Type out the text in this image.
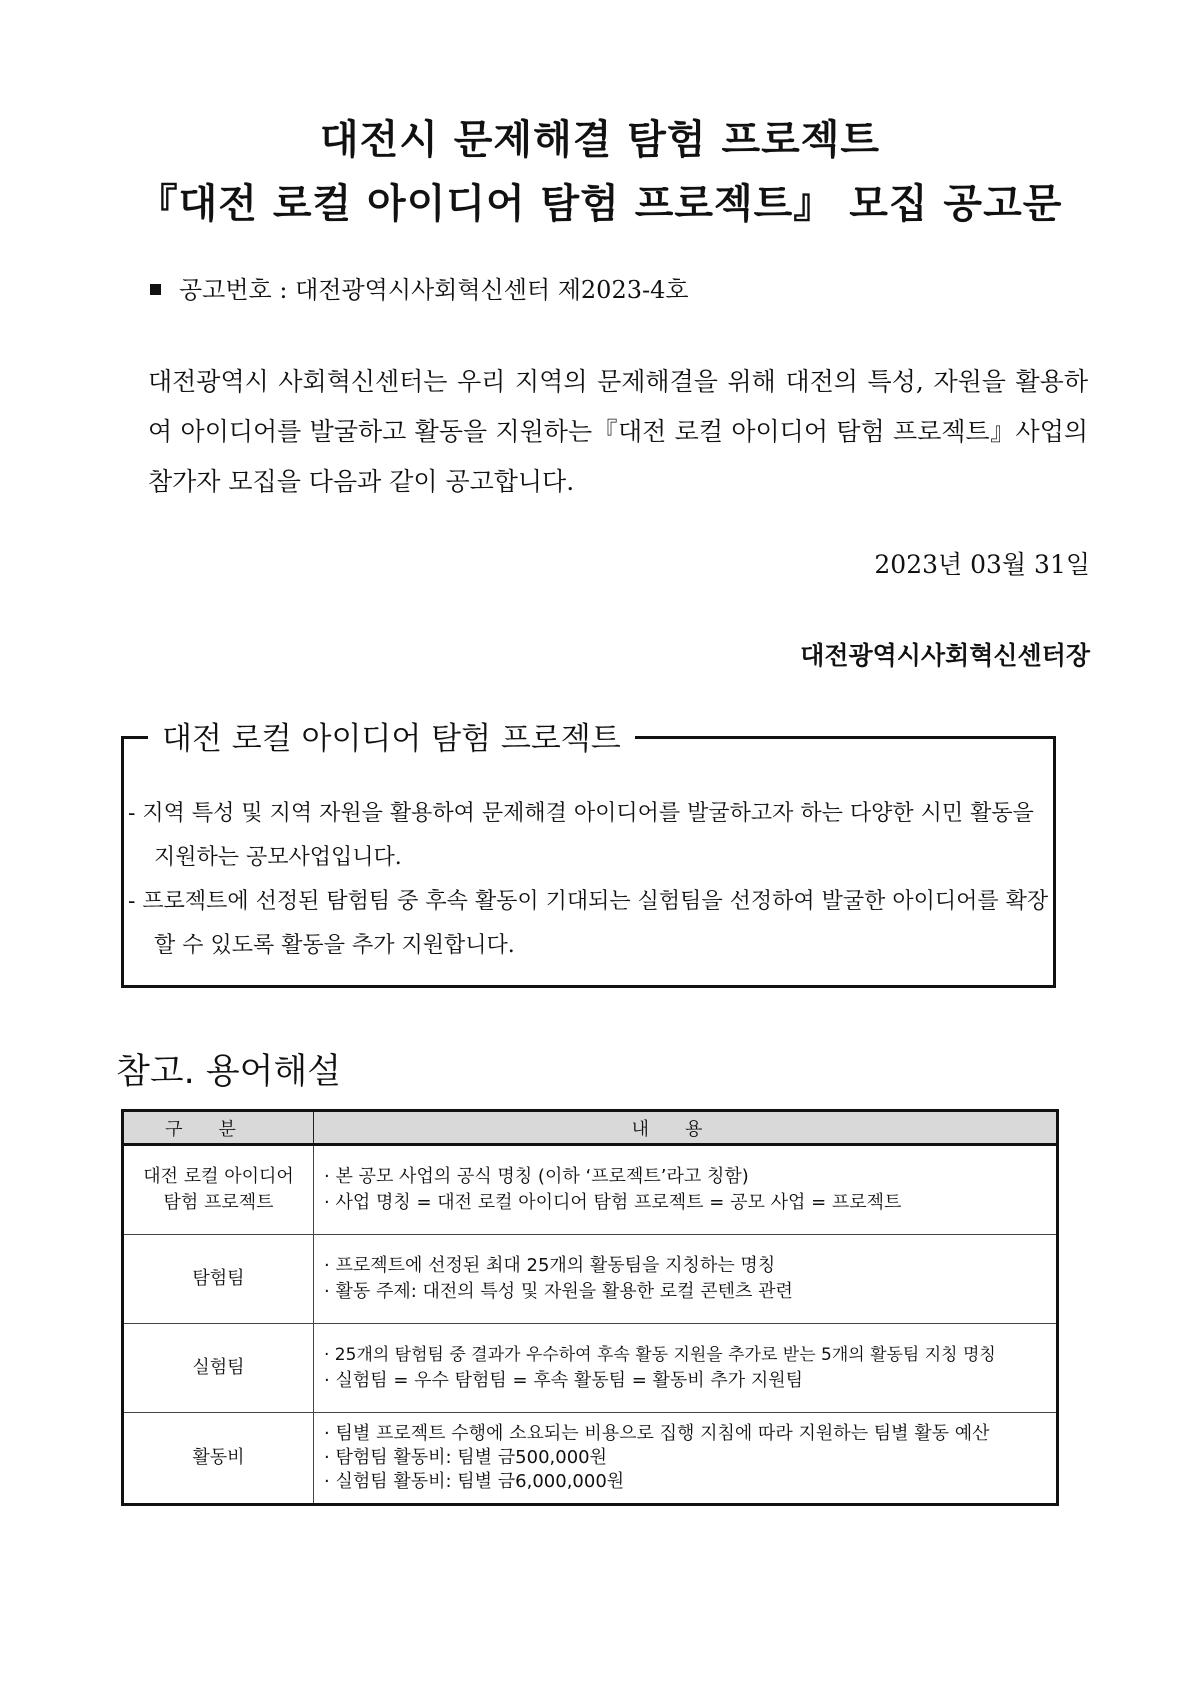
대전시 문제해결 탐험 프로젝트
『대전 로컬 아이디어 탐험 프로젝트』 모집 공고문
공고번호 : 대전광역시사회혁신센터 제2023-4호

대전광역시 사회혁신센터는 우리 지역의 문제해결을 위해 대전의 특성, 자원을 활용하여 아이디어를 발굴하고 활동을 지원하는『대전 로컬 아이디어 탐험 프로젝트』사업의 참가자 모집을 다음과 같이 공고합니다.

2023년 03월 31일
대전광역시사회혁신센터장
대전 로컬 아이디어 탐험 프로젝트
- 지역 특성 및 지역 자원을 활용하여 문제해결 아이디어를 발굴하고자 하는 다양한 시민 활동을 지원하는 공모사업입니다.
- 프로젝트에 선정된 탐험팀 중 후속 활동이 기대되는 실험팀을 선정하여 발굴한 아이디어를 확장할 수 있도록 활동을 추가 지원합니다.
참고. 용어해설
구분	내용
대전 로컬 아이디어 탐험 프로젝트	· 본 공모 사업의 공식 명칭 (이하 ‘프로젝트’라고 칭함)
· 사업 명칭 = 대전 로컬 아이디어 탐험 프로젝트 = 공모 사업 = 프로젝트

탐험팀	· 프로젝트에 선정된 최대 25개의 활동팀을 지칭하는 명칭
· 활동 주제: 대전의 특성 및 자원을 활용한 로컬 콘텐츠 관련

실험팀	· 25개의 탐험팀 중 결과가 우수하여 후속 활동 지원을 추가로 받는 5개의 활동팀 지칭 명칭
· 실험팀 = 우수 탐험팀 = 후속 활동팀 = 활동비 추가 지원팀

활동비	· 팀별 프로젝트 수행에 소요되는 비용으로 집행 지침에 따라 지원하는 팀별 활동 예산
· 탐험팀 활동비: 팀별 금500,000원
· 실험팀 활동비: 팀별 금6,000,000원
